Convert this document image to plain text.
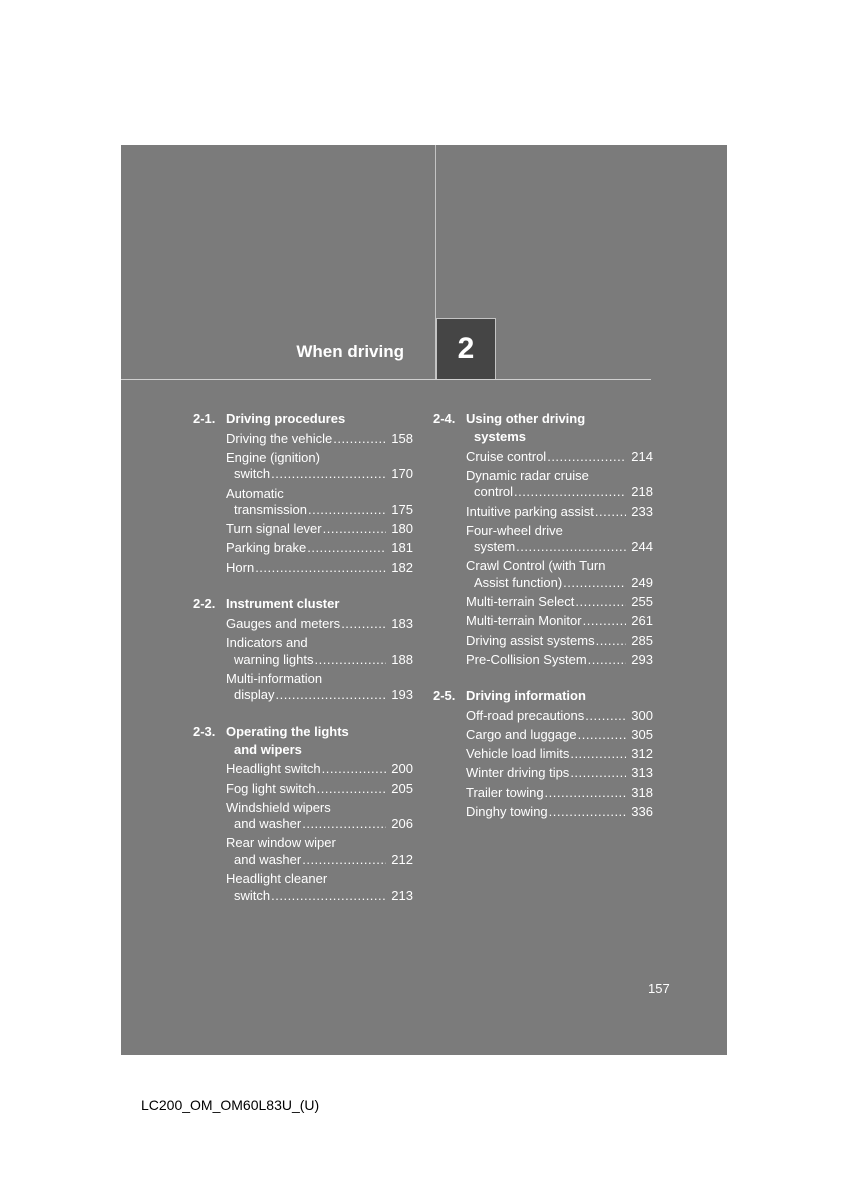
When driving	2
2-1. Driving procedures
Driving the vehicle .....	158
Engine (ignition)
switch .....	170
Automatic
transmission .....	175
Turn signal lever .....	180
Parking brake .....	181
Horn .....	182
2-2. Instrument cluster
Gauges and meters .....	183
Indicators and
warning lights .....	188
Multi-information
display .....	193
2-3. Operating the lights
and wipers
Headlight switch .....	200
Fog light switch .....	205
Windshield wipers
and washer .....	206
Rear window wiper
and washer .....	212
Headlight cleaner
switch .....	213
2-4. Using other driving
systems
Cruise control .....	214
Dynamic radar cruise
control .....	218
Intuitive parking assist .....	233
Four-wheel drive
system .....	244
Crawl Control (with Turn
Assist function) .....	249
Multi-terrain Select .....	255
Multi-terrain Monitor .....	261
Driving assist systems .....	285
Pre-Collision System .....	293
2-5. Driving information
Off-road precautions .....	300
Cargo and luggage .....	305
Vehicle load limits .....	312
Winter driving tips .....	313
Trailer towing .....	318
Dinghy towing .....	336
157
LC200_OM_OM60L83U_(U)
